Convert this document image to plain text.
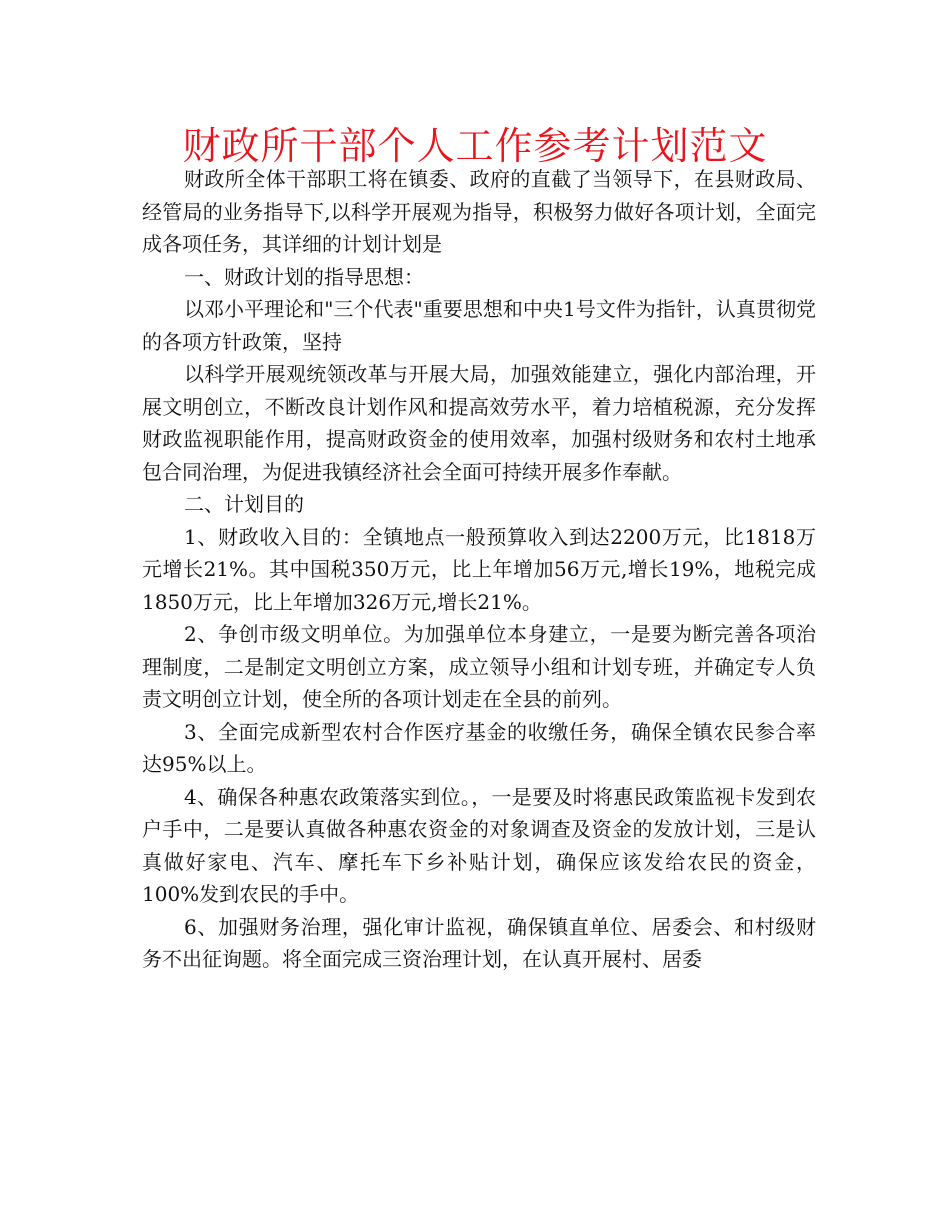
财政所干部个人工作参考计划范文

财政所全体干部职工将在镇委、政府的直截了当领导下，在县财政局、经管局的业务指导下,以科学开展观为指导，积极努力做好各项计划，全面完成各项任务，其详细的计划计划是

一、财政计划的指导思想：

以邓小平理论和"三个代表"重要思想和中央1号文件为指针，认真贯彻党的各项方针政策，坚持

以科学开展观统领改革与开展大局，加强效能建立，强化内部治理，开展文明创立，不断改良计划作风和提高效劳水平，着力培植税源，充分发挥财政监视职能作用，提高财政资金的使用效率，加强村级财务和农村土地承包合同治理，为促进我镇经济社会全面可持续开展多作奉献。

二、计划目的

1、财政收入目的：全镇地点一般预算收入到达2200万元，比1818万元增长21%。其中国税350万元，比上年增加56万元,增长19%，地税完成1850万元，比上年增加326万元,增长21%。

2、争创市级文明单位。为加强单位本身建立，一是要为断完善各项治理制度，二是制定文明创立方案，成立领导小组和计划专班，并确定专人负责文明创立计划，使全所的各项计划走在全县的前列。

3、全面完成新型农村合作医疗基金的收缴任务，确保全镇农民参合率达95%以上。

4、确保各种惠农政策落实到位。，一是要及时将惠民政策监视卡发到农户手中，二是要认真做各种惠农资金的对象调查及资金的发放计划，三是认真做好家电、汽车、摩托车下乡补贴计划，确保应该发给农民的资金，100%发到农民的手中。

6、加强财务治理，强化审计监视，确保镇直单位、居委会、和村级财务不出征询题。将全面完成三资治理计划，在认真开展村、居委
